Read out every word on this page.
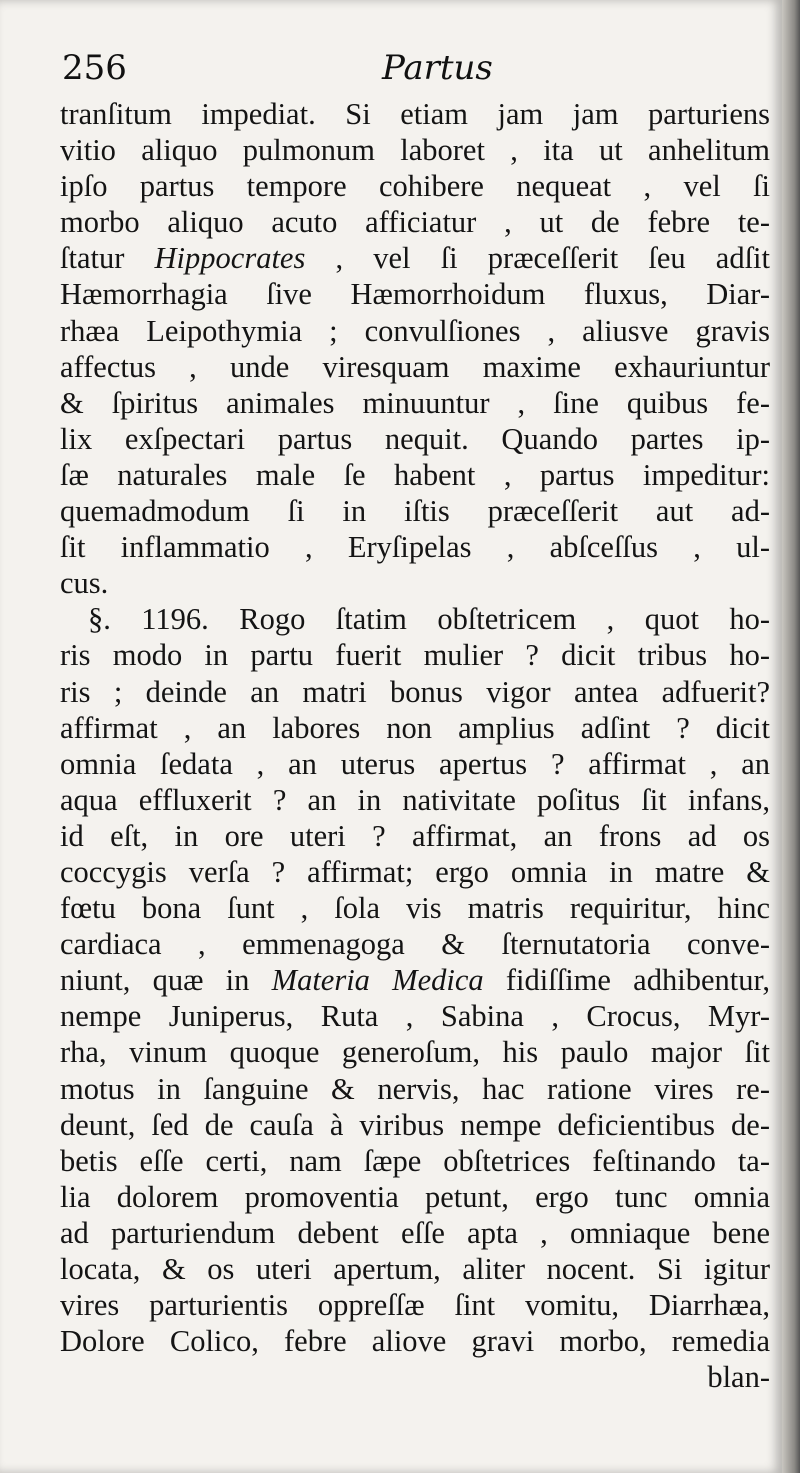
256	Partus
tranſitum impediat. Si etiam jam jam parturiens
vitio aliquo pulmonum laboret , ita ut anhelitum
ipſo partus tempore cohibere nequeat , vel ſi
morbo aliquo acuto afficiatur , ut de febre te-
ſtatur Hippocrates , vel ſi præceſſerit ſeu adſit
Hæmorrhagia ſive Hæmorrhoidum fluxus, Diar-
rhæa Leipothymia ; convulſiones , aliusve gravis
affectus , unde viresquam maxime exhauriuntur
& ſpiritus animales minuuntur , ſine quibus fe-
lix exſpectari partus nequit. Quando partes ip-
ſæ naturales male ſe habent , partus impeditur:
quemadmodum ſi in iſtis præceſſerit aut ad-
ſit inflammatio , Eryſipelas , abſceſſus , ul-
cus.
§. 1196. Rogo ſtatim obſtetricem , quot ho-
ris modo in partu fuerit mulier ? dicit tribus ho-
ris ; deinde an matri bonus vigor antea adfuerit?
affirmat , an labores non amplius adſint ? dicit
omnia ſedata , an uterus apertus ? affirmat , an
aqua effluxerit ? an in nativitate poſitus ſit infans,
id eſt, in ore uteri ? affirmat, an frons ad os
coccygis verſa ? affirmat; ergo omnia in matre &
fœtu bona ſunt , ſola vis matris requiritur, hinc
cardiaca , emmenagoga & ſternutatoria conve-
niunt, quæ in Materia Medica fidiſſime adhibentur,
nempe Juniperus, Ruta , Sabina , Crocus, Myr-
rha, vinum quoque generoſum, his paulo major ſit
motus in ſanguine & nervis, hac ratione vires re-
deunt, ſed de cauſa à viribus nempe deficientibus de-
betis eſſe certi, nam ſæpe obſtetrices feſtinando ta-
lia dolorem promoventia petunt, ergo tunc omnia
ad parturiendum debent eſſe apta , omniaque bene
locata, & os uteri apertum, aliter nocent. Si igitur
vires parturientis oppreſſæ ſint vomitu, Diarrhæa,
Dolore Colico, febre aliove gravi morbo, remedia
blan-
